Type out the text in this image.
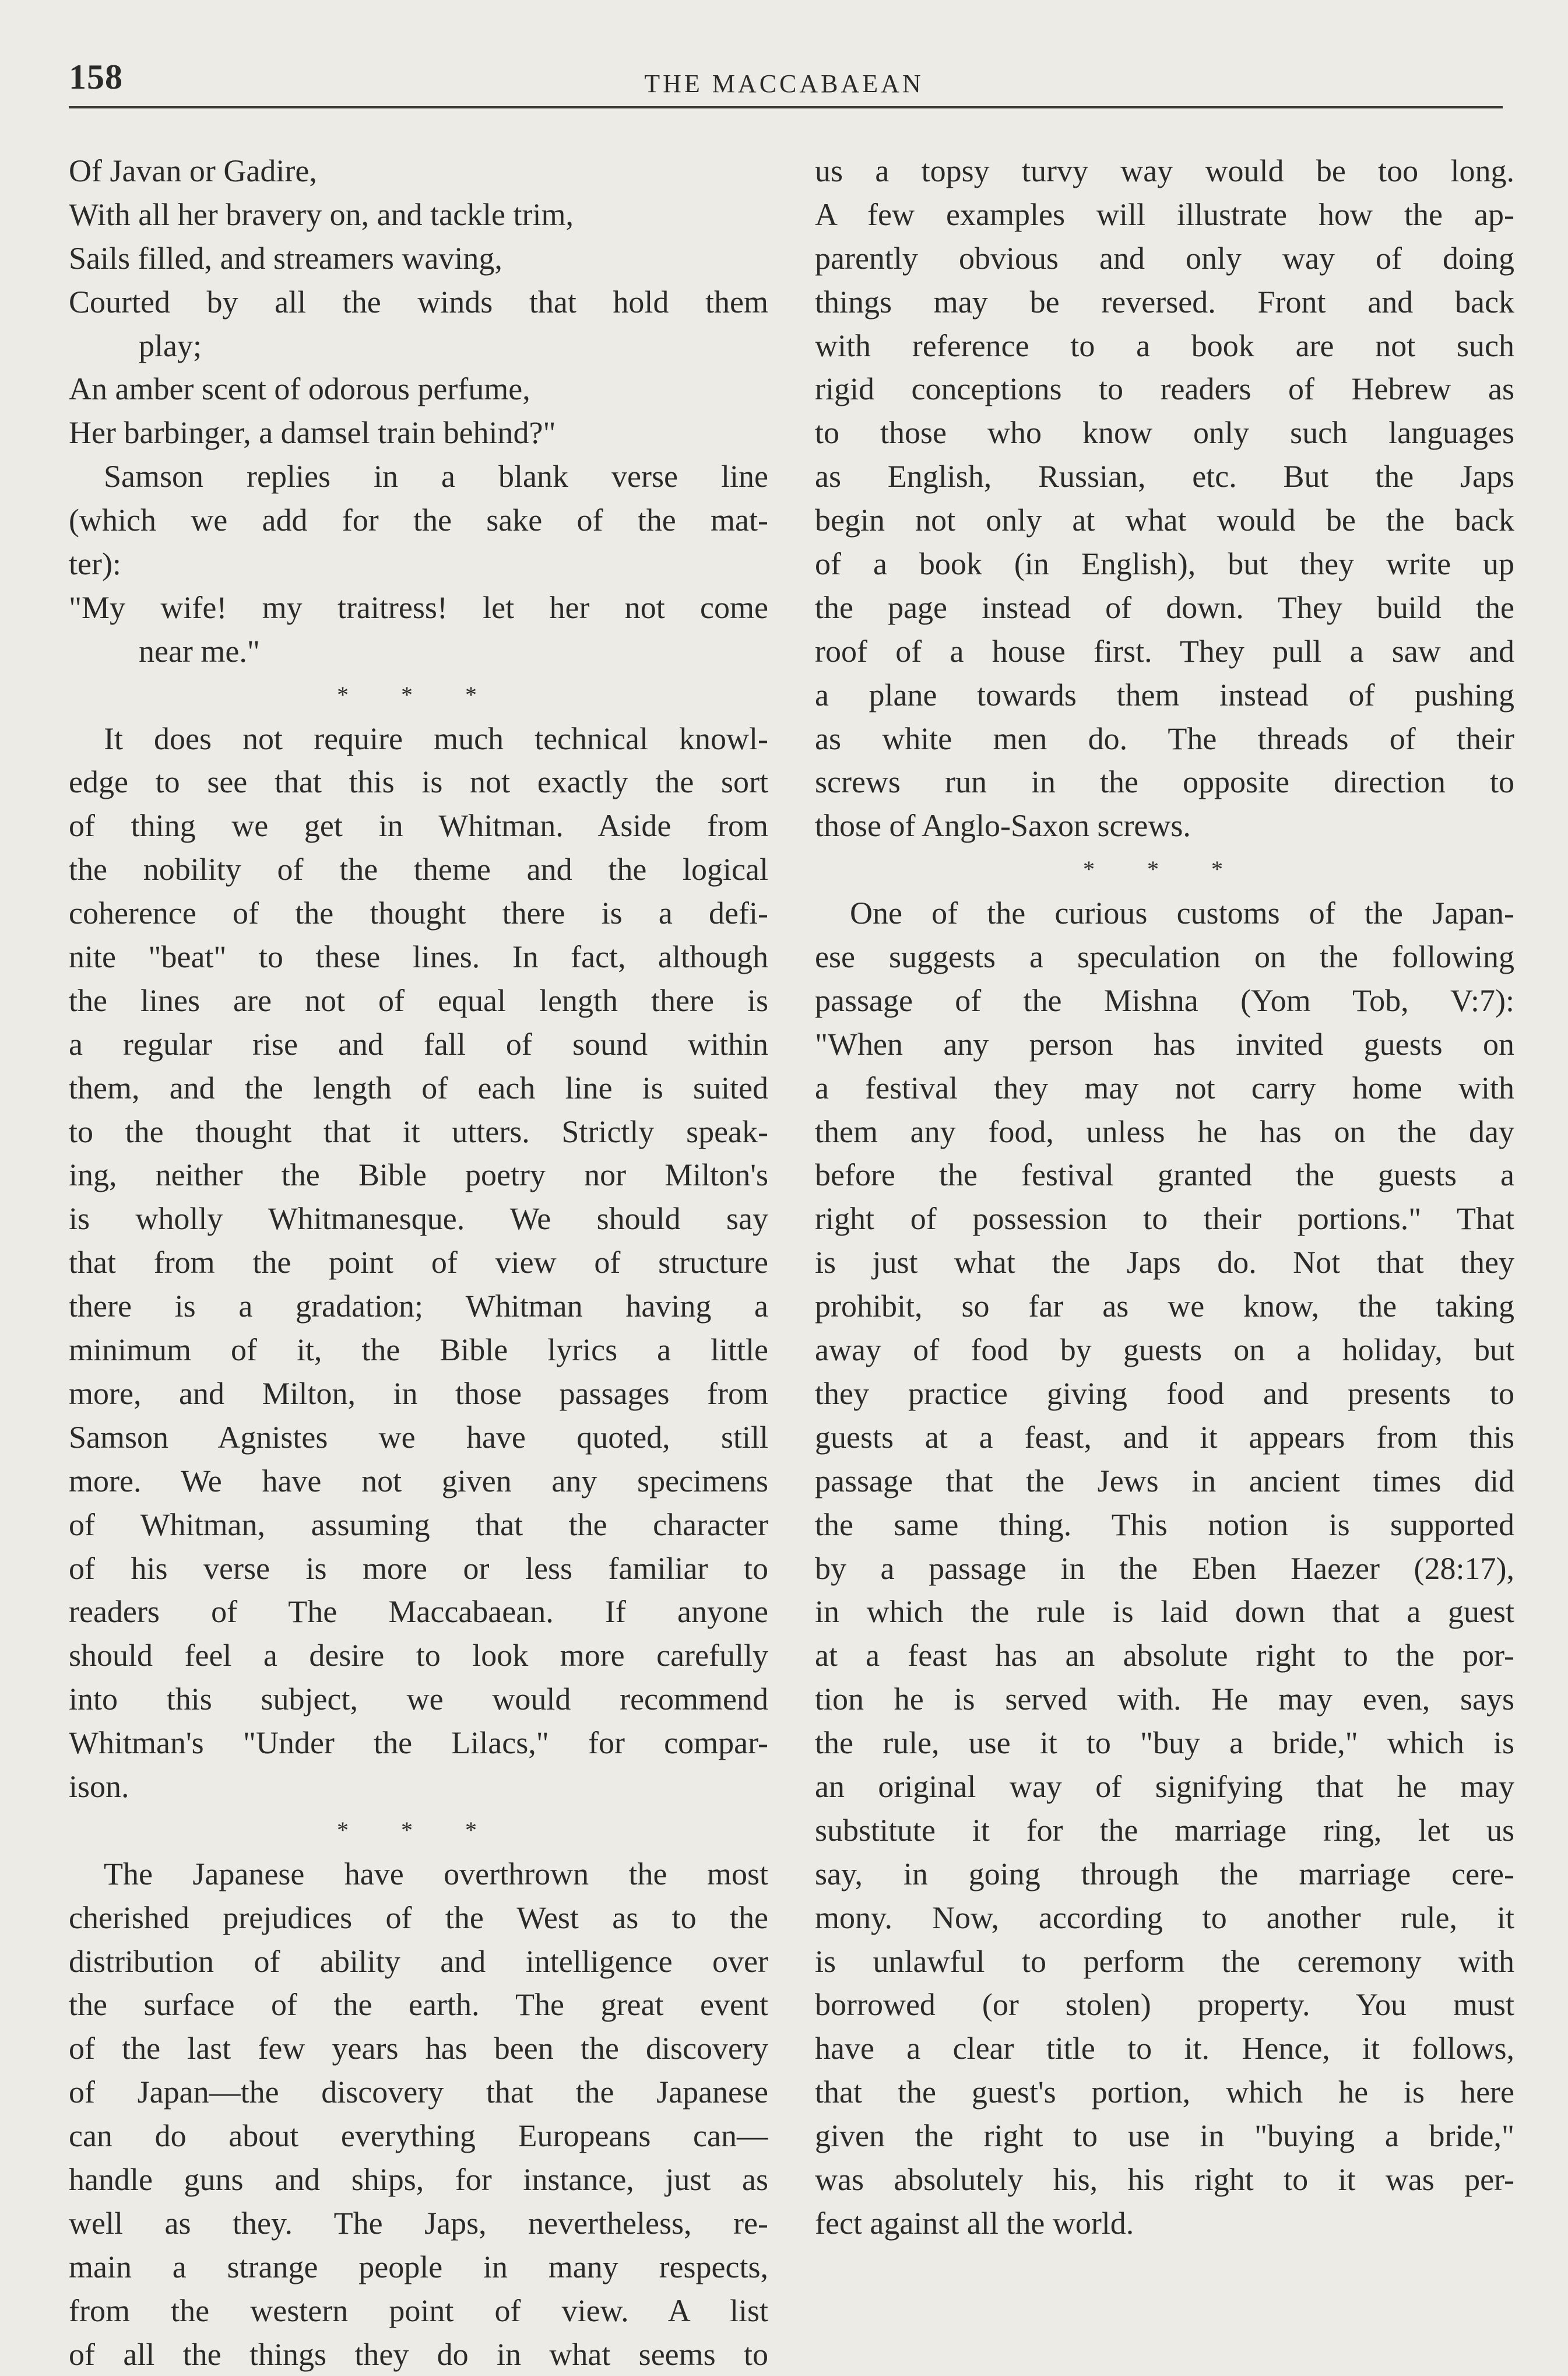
158	THE MACCABAEAN
Of Javan or Gadire,
With all her bravery on, and tackle trim,
Sails filled, and streamers waving,
Courted by all the winds that hold them
play;
An amber scent of odorous perfume,
Her barbinger, a damsel train behind?"
Samson replies in a blank verse line
(which we add for the sake of the mat-
ter):
"My wife! my traitress! let her not come
near me."
* * *
It does not require much technical knowl-
edge to see that this is not exactly the sort
of thing we get in Whitman. Aside from
the nobility of the theme and the logical
coherence of the thought there is a defi-
nite "beat" to these lines. In fact, although
the lines are not of equal length there is
a regular rise and fall of sound within
them, and the length of each line is suited
to the thought that it utters. Strictly speak-
ing, neither the Bible poetry nor Milton's
is wholly Whitmanesque. We should say
that from the point of view of structure
there is a gradation; Whitman having a
minimum of it, the Bible lyrics a little
more, and Milton, in those passages from
Samson Agnistes we have quoted, still
more. We have not given any specimens
of Whitman, assuming that the character
of his verse is more or less familiar to
readers of The Maccabaean. If anyone
should feel a desire to look more carefully
into this subject, we would recommend
Whitman's "Under the Lilacs," for compar-
ison.
* * *
The Japanese have overthrown the most
cherished prejudices of the West as to the
distribution of ability and intelligence over
the surface of the earth. The great event
of the last few years has been the discovery
of Japan—the discovery that the Japanese
can do about everything Europeans can—
handle guns and ships, for instance, just as
well as they. The Japs, nevertheless, re-
main a strange people in many respects,
from the western point of view. A list
of all the things they do in what seems to
us a topsy turvy way would be too long.
A few examples will illustrate how the ap-
parently obvious and only way of doing
things may be reversed. Front and back
with reference to a book are not such
rigid conceptions to readers of Hebrew as
to those who know only such languages
as English, Russian, etc. But the Japs
begin not only at what would be the back
of a book (in English), but they write up
the page instead of down. They build the
roof of a house first. They pull a saw and
a plane towards them instead of pushing
as white men do. The threads of their
screws run in the opposite direction to
those of Anglo-Saxon screws.
* * *
One of the curious customs of the Japan-
ese suggests a speculation on the following
passage of the Mishna (Yom Tob, V:7):
"When any person has invited guests on
a festival they may not carry home with
them any food, unless he has on the day
before the festival granted the guests a
right of possession to their portions." That
is just what the Japs do. Not that they
prohibit, so far as we know, the taking
away of food by guests on a holiday, but
they practice giving food and presents to
guests at a feast, and it appears from this
passage that the Jews in ancient times did
the same thing. This notion is supported
by a passage in the Eben Haezer (28:17),
in which the rule is laid down that a guest
at a feast has an absolute right to the por-
tion he is served with. He may even, says
the rule, use it to "buy a bride," which is
an original way of signifying that he may
substitute it for the marriage ring, let us
say, in going through the marriage cere-
mony. Now, according to another rule, it
is unlawful to perform the ceremony with
borrowed (or stolen) property. You must
have a clear title to it. Hence, it follows,
that the guest's portion, which he is here
given the right to use in "buying a bride,"
was absolutely his, his right to it was per-
fect against all the world.
